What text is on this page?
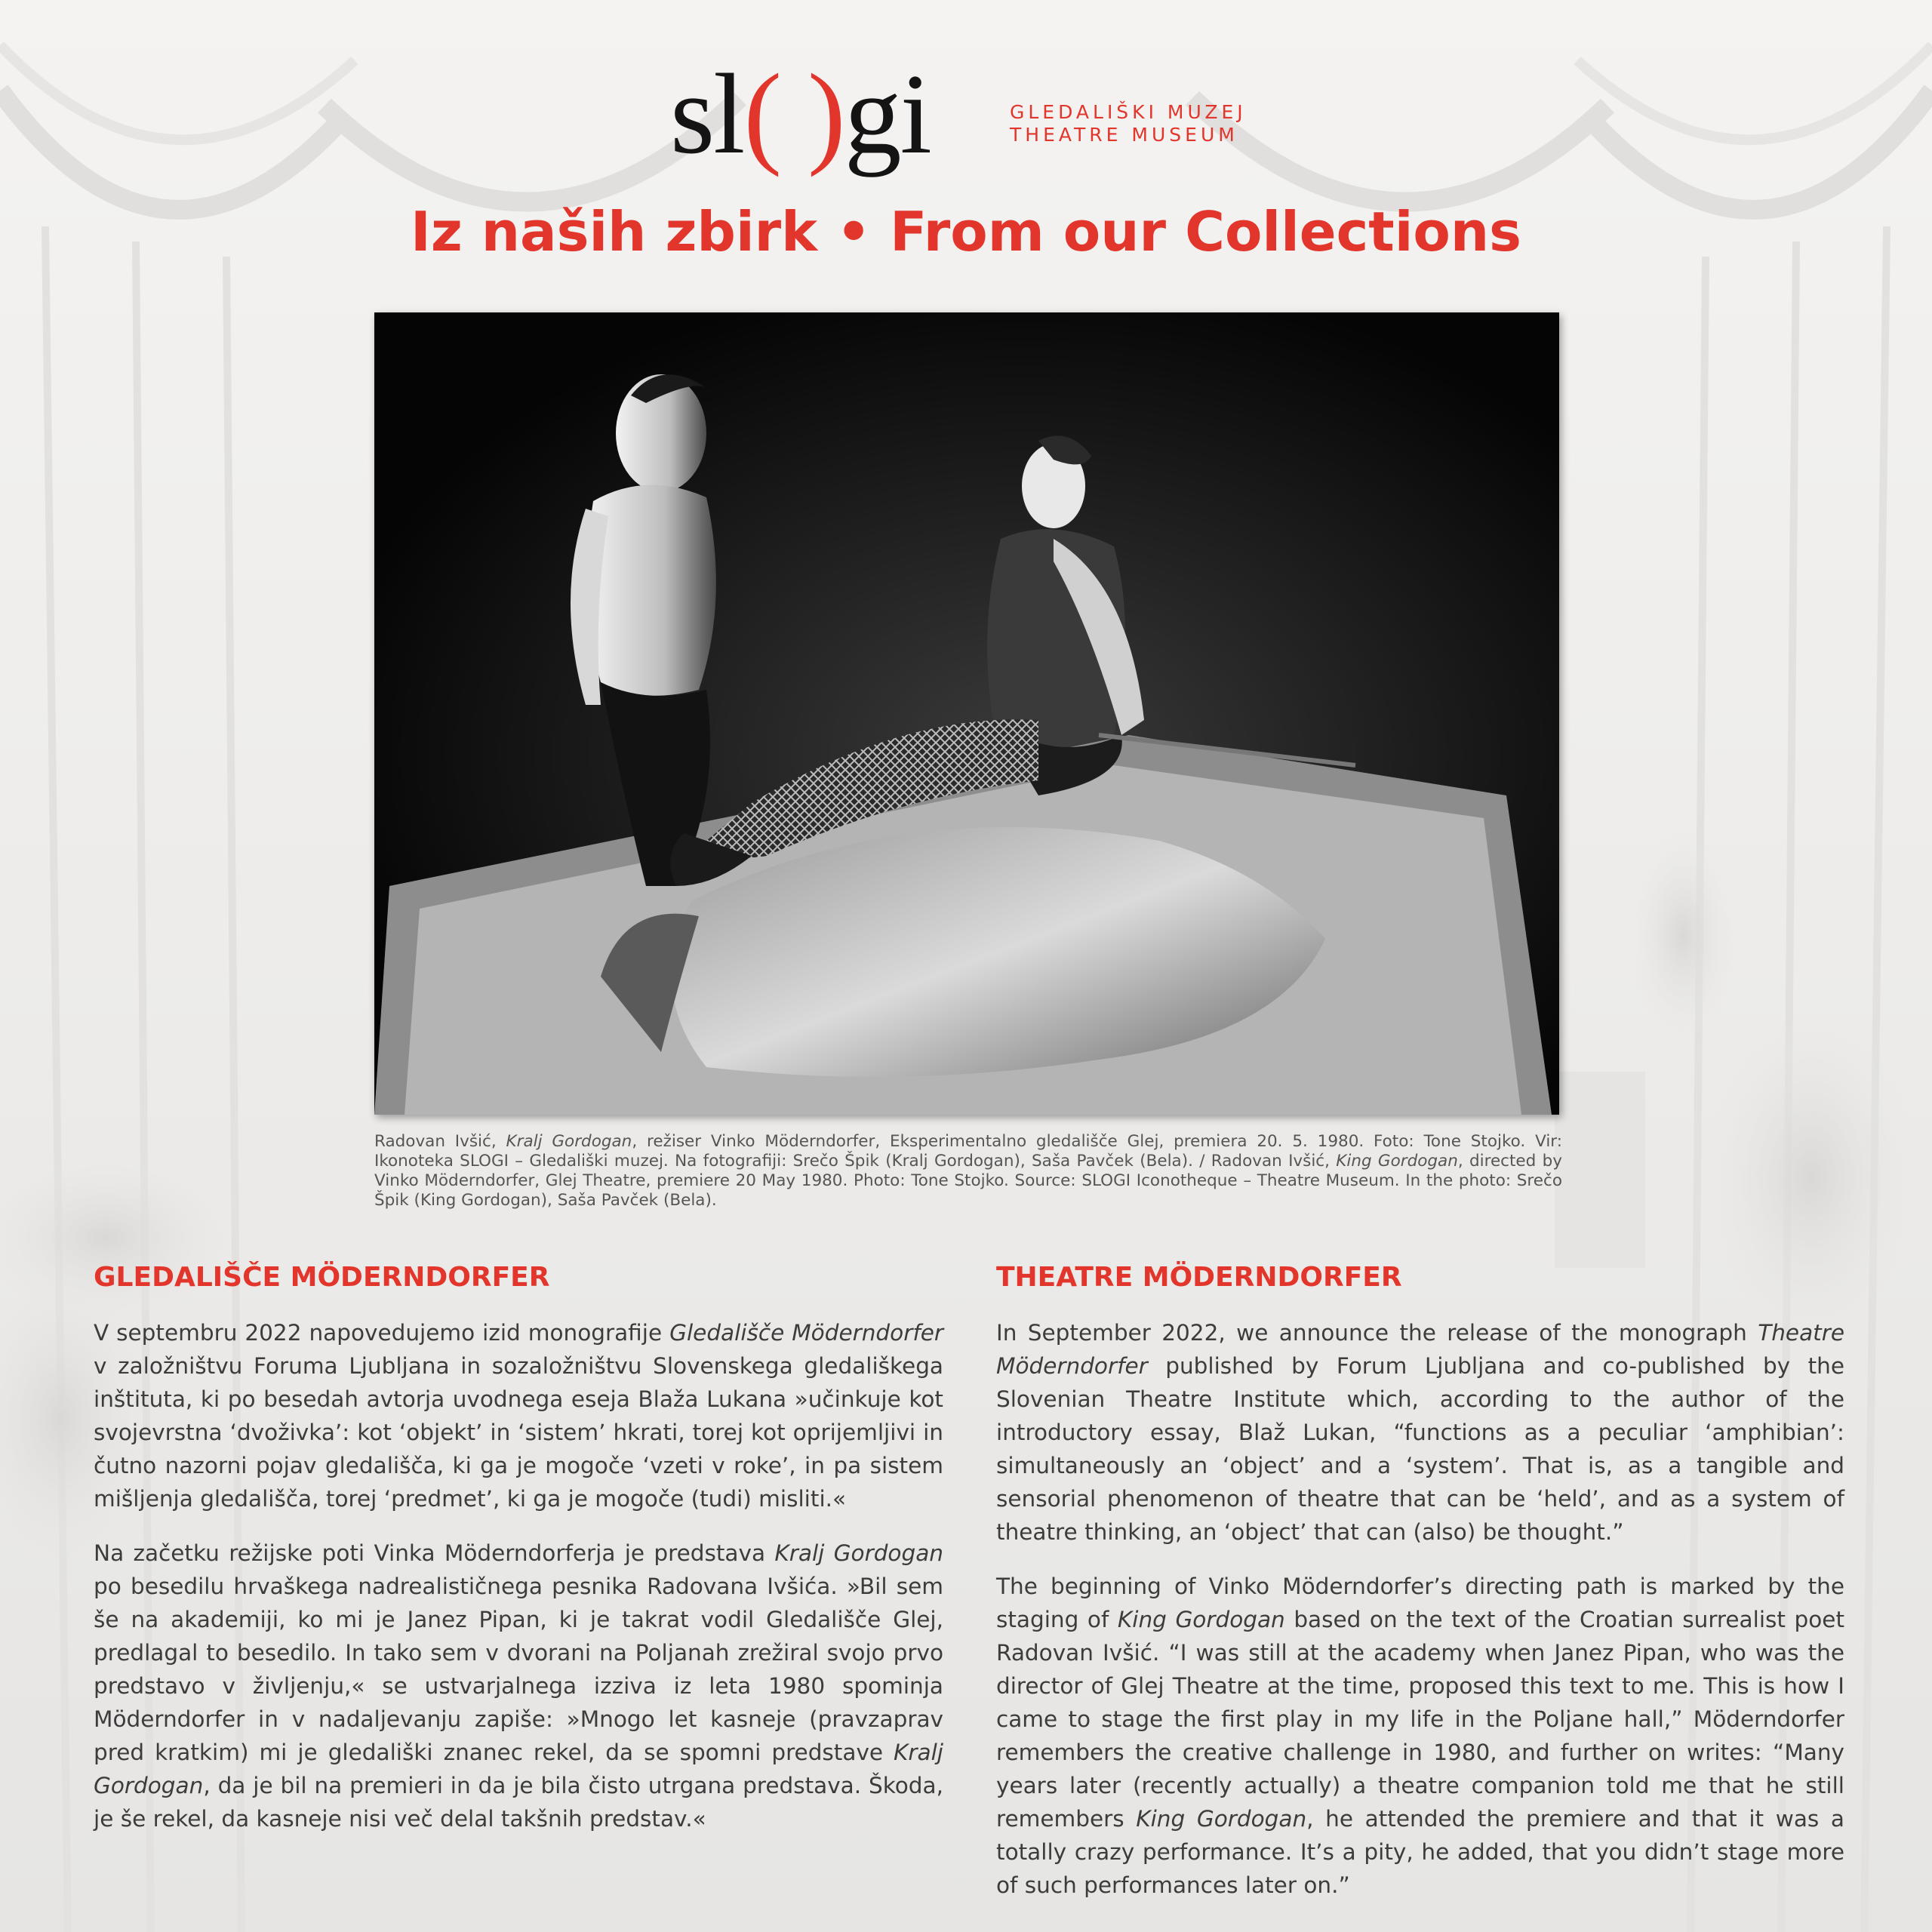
sl( )gi	GLEDALIŠKI MUZEJ
THEATRE MUSEUM
Iz naših zbirk • From our Collections

Radovan Ivšić, Kralj Gordogan, režiser Vinko Möderndorfer, Eksperimentalno gledališče Glej, premiera 20. 5. 1980. Foto: Tone Stojko. Vir: Ikonoteka SLOGI – Gledališki muzej. Na fotografiji: Srečo Špik (Kralj Gordogan), Saša Pavček (Bela). / Radovan Ivšić, King Gordogan, directed by Vinko Möderndorfer, Glej Theatre, premiere 20 May 1980. Photo: Tone Stojko. Source: SLOGI Iconotheque – Theatre Museum. In the photo: Srečo Špik (King Gordogan), Saša Pavček (Bela).

GLEDALIŠČE MÖDERNDORFER

V septembru 2022 napovedujemo izid monografije Gledališče Möderndorfer v založništvu Foruma Ljubljana in sozaložništvu Slovenskega gledališkega inštituta, ki po besedah avtorja uvodnega eseja Blaža Lukana »učinkuje kot svojevrstna ‘dvoživka’: kot ‘objekt’ in ‘sistem’ hkrati, torej kot oprijemljivi in čutno nazorni pojav gledališča, ki ga je mogoče ‘vzeti v roke’, in pa sistem mišljenja gledališča, torej ‘predmet’, ki ga je mogoče (tudi) misliti.«

Na začetku režijske poti Vinka Möderndorferja je predstava Kralj Gordogan po besedilu hrvaškega nadrealističnega pesnika Radovana Ivšića. »Bil sem še na akademiji, ko mi je Janez Pipan, ki je takrat vodil Gledališče Glej, predlagal to besedilo. In tako sem v dvorani na Poljanah zrežiral svojo prvo predstavo v življenju,« se ustvarjalnega izziva iz leta 1980 spominja Möderndorfer in v nadaljevanju zapiše: »Mnogo let kasneje (pravzaprav pred kratkim) mi je gledališki znanec rekel, da se spomni predstave Kralj Gordogan, da je bil na premieri in da je bila čisto utrgana predstava. Škoda, je še rekel, da kasneje nisi več delal takšnih predstav.«

THEATRE MÖDERNDORFER

In September 2022, we announce the release of the monograph Theatre Möderndorfer published by Forum Ljubljana and co-published by the Slovenian Theatre Institute which, according to the author of the introductory essay, Blaž Lukan, “functions as a peculiar ‘amphibian’: simultaneously an ‘object’ and a ‘system’. That is, as a tangible and sensorial phenomenon of theatre that can be ‘held’, and as a system of theatre thinking, an ‘object’ that can (also) be thought.”

The beginning of Vinko Möderndorfer’s directing path is marked by the staging of King Gordogan based on the text of the Croatian surrealist poet Radovan Ivšić. “I was still at the academy when Janez Pipan, who was the director of Glej Theatre at the time, proposed this text to me. This is how I came to stage the first play in my life in the Poljane hall,” Möderndorfer remembers the creative challenge in 1980, and further on writes: “Many years later (recently actually) a theatre companion told me that he still remembers King Gordogan, he attended the premiere and that it was a totally crazy performance. It’s a pity, he added, that you didn’t stage more of such performances later on.”
